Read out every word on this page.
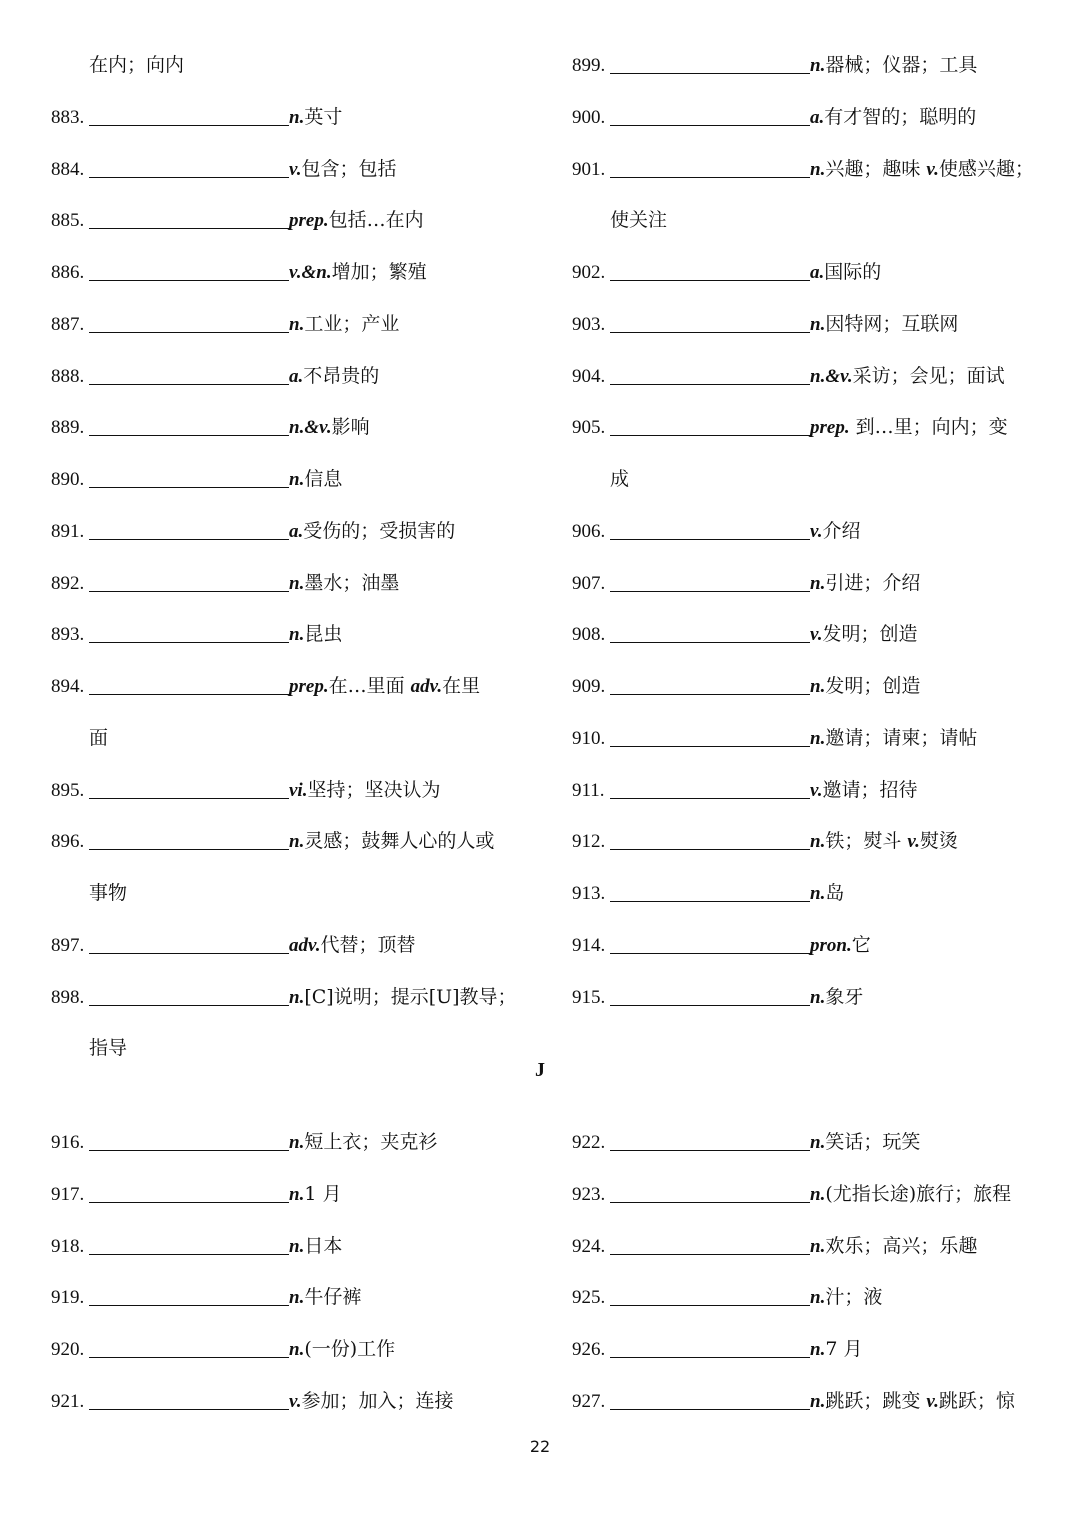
在内；向内
883.	n.英寸
884.	v.包含；包括
885.	prep.包括…在内
886.	v.&n.增加；繁殖
887.	n.工业；产业
888.	a.不昂贵的
889.	n.&v.影响
890.	n.信息
891.	a.受伤的；受损害的
892.	n.墨水；油墨
893.	n.昆虫
894.	prep.在…里面 adv.在里
面
895.	vi.坚持；坚决认为
896.	n.灵感；鼓舞人心的人或
事物
897.	adv.代替；顶替
898.	n.[C]说明；提示[U]教导；
指导
916.	n.短上衣；夹克衫
917.	n.1 月
918.	n.日本
919.	n.牛仔裤
920.	n.(一份)工作
921.	v.参加；加入；连接
899.	n.器械；仪器；工具
900.	a.有才智的；聪明的
901.	n.兴趣；趣味 v.使感兴趣；
使关注
902.	a.国际的
903.	n.因特网；互联网
904.	n.&v.采访；会见；面试
905.	prep. 到…里；向内；变
成
906.	v.介绍
907.	n.引进；介绍
908.	v.发明；创造
909.	n.发明；创造
910.	n.邀请；请柬；请帖
911.	v.邀请；招待
912.	n.铁；熨斗 v.熨烫
913.	n.岛
914.	pron.它
915.	n.象牙
922.	n.笑话；玩笑
923.	n.(尤指长途)旅行；旅程
924.	n.欢乐；高兴；乐趣
925.	n.汁；液
926.	n.7 月
927.	n.跳跃；跳变 v.跳跃；惊
J
22
